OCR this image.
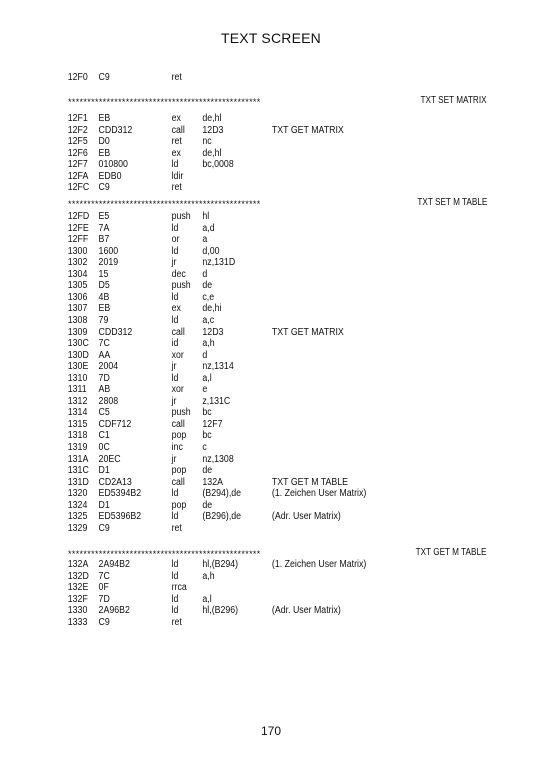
TEXT SCREEN
12F0 C9	ret
**************************************************	TXT SET MATRIX
12F1 EB	ex de,hl
12F2 CDD312	call 12D3	TXT GET MATRIX
12F5 D0	ret nc
12F6 EB	ex de,hl
12F7 010800	ld bc,0008
12FA EDB0	ldir
12FC C9	ret
**************************************************	TXT SET M TABLE
12FD E5	push hl
12FE 7A	ld a,d
12FF B7	or a
1300 1600	ld d,00
1302 2019	jr	nz,131D
1304 15	dec d
1305 D5	push de
1306 4B	ld c,e
1307 EB	ex de,hi
1308 79	ld a,c
1309 CDD312	call 12D3	TXT GET MATRIX
130C 7C	id a,h
130D AA	xor d
130E 2004	jr	nz,1314
1310 7D	ld a,l
1311 AB	xor e
1312 2808	jr	z,131C
1314 C5	push bc
1315 CDF712	call 12F7
1318 C1	pop bc
1319 0C	inc c
131A 20EC	jr	nz,1308
131C D1	pop de
131D CD2A13	call 132A	TXT GET M TABLE
1320 ED5394B2	ld (B294),de	(1. Zeichen User Matrix)
1324 D1	pop de
1325 ED5396B2	ld (B296),de	(Adr. User Matrix)
1329 C9	ret
**************************************************	TXT GET M TABLE
132A 2A94B2	ld hl,(B294)	(1. Zeichen User Matrix)
132D 7C	ld a,h
132E 0F	rrca
132F 7D	ld a,l
1330 2A96B2	ld hl,(B296)	(Adr. User Matrix)
1333 C9	ret
170
